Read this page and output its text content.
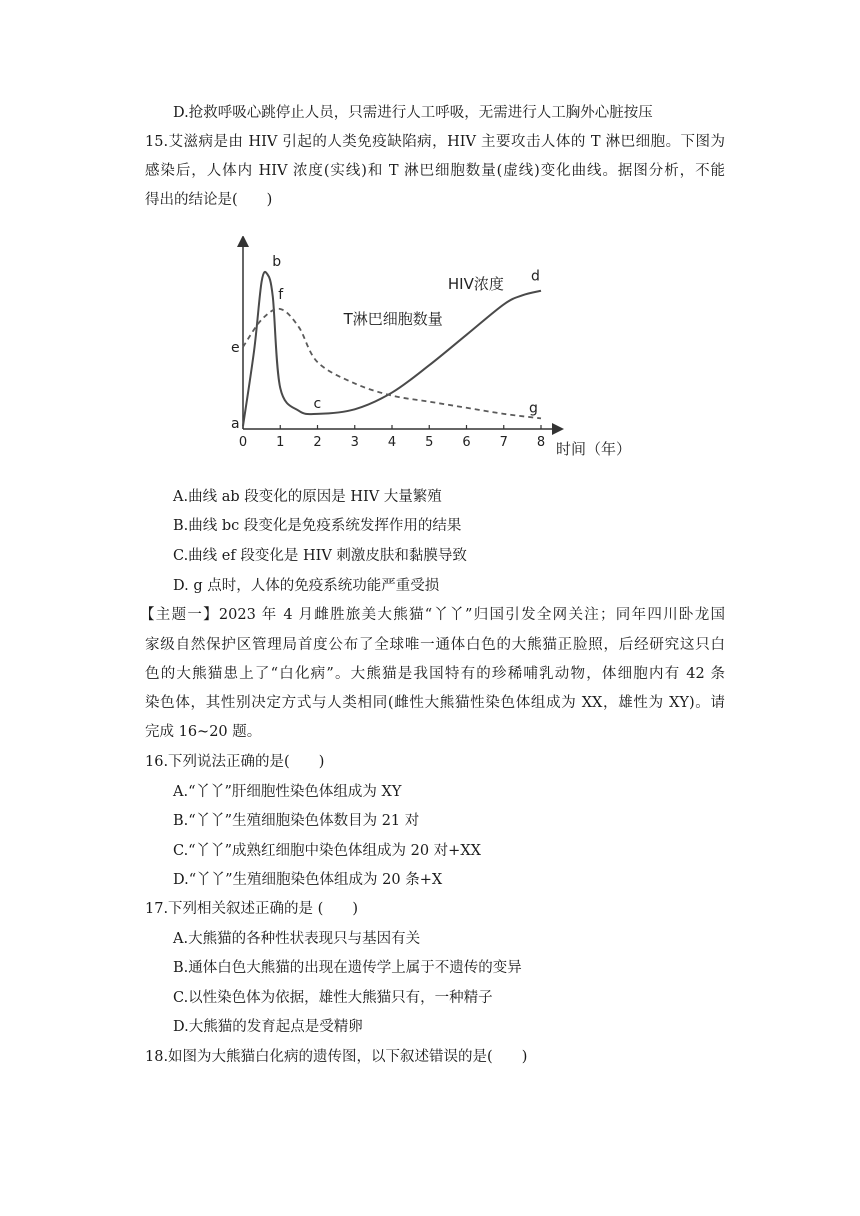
D.抢救呼吸心跳停止人员，只需进行人工呼吸，无需进行人工胸外心脏按压
15.艾滋病是由 HIV 引起的人类免疫缺陷病，HIV 主要攻击人体的 T 淋巴细胞。下图为
感染后，人体内 HIV 浓度(实线)和 T 淋巴细胞数量(虚线)变化曲线。据图分析，不能
得出的结论是(　　)
0 1 2 3 4 5 6 7 8 时间（年）
a
b
c
d
e
f
g
HIV浓度
T淋巴细胞数量
A.曲线 ab 段变化的原因是 HIV 大量繁殖
B.曲线 bc 段变化是免疫系统发挥作用的结果
C.曲线 ef 段变化是 HIV 刺激皮肤和黏膜导致
D. g 点时，人体的免疫系统功能严重受损
【主题一】2023 年 4 月雌胜旅美大熊猫“丫丫”归国引发全网关注；同年四川卧龙国
家级自然保护区管理局首度公布了全球唯一通体白色的大熊猫正脸照，后经研究这只白
色的大熊猫患上了“白化病”。大熊猫是我国特有的珍稀哺乳动物，体细胞内有 42 条
染色体，其性别决定方式与人类相同(雌性大熊猫性染色体组成为 XX，雄性为 XY)。请
完成 16~20 题。
16.下列说法正确的是(　　)
A.“丫丫”肝细胞性染色体组成为 XY
B.“丫丫”生殖细胞染色体数目为 21 对
C.“丫丫”成熟红细胞中染色体组成为 20 对+XX
D.“丫丫”生殖细胞染色体组成为 20 条+X
17.下列相关叙述正确的是 (　　)
A.大熊猫的各种性状表现只与基因有关
B.通体白色大熊猫的出现在遗传学上属于不遗传的变异
C.以性染色体为依据，雄性大熊猫只有，一种精子
D.大熊猫的发育起点是受精卵
18.如图为大熊猫白化病的遗传图，以下叙述错误的是(　　)
